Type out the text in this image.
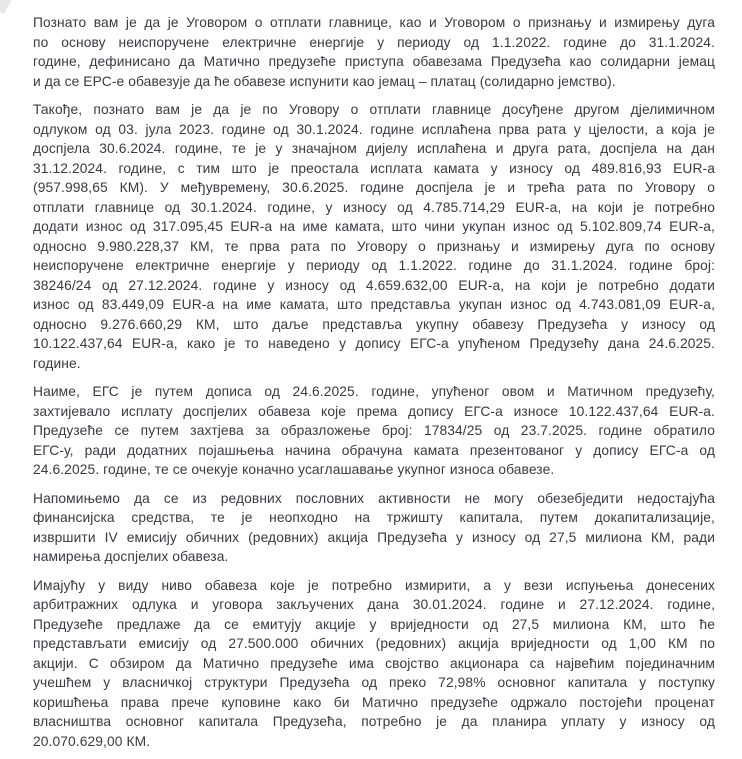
Познато вам је да је Уговором о отплати главнице, као и Уговором о признању и измирењу дуга
по основу неиспоручене електричне енергије у периоду од 1.1.2022. године до 31.1.2024.
године, дефинисано да Матично предузеће приступа обавезама Предузећа као солидарни јемац
и да се ЕРС-е обавезује да ће обавезе испунити као јемац – платац (солидарно јемство).
Такође, познато вам је да је по Уговору о отплати главнице досуђене другом дјелимичном
одлуком од 03. јула 2023. године од 30.1.2024. године исплаћена прва рата у цјелости, а која је
доспјела 30.6.2024. године, те је у значајном дијелу исплаћена и друга рата, доспјела на дан
31.12.2024. године, с тим што је преостала исплата камата у износу од 489.816,93 EUR-а
(957.998,65 КМ). У међувремену, 30.6.2025. године доспјела је и трећа рата по Уговору о
отплати главнице од 30.1.2024. године, у износу од 4.785.714,29 EUR-а, на који је потребно
додати износ од 317.095,45 EUR-а на име камата, што чини укупан износ од 5.102.809,74 EUR-а,
односно 9.980.228,37 КМ, те прва рата по Уговору о признању и измирењу дуга по основу
неиспоручене електричне енергије у периоду од 1.1.2022. године до 31.1.2024. године број:
38246/24 од 27.12.2024. године у износу од 4.659.632,00 EUR-а, на који је потребно додати
износ од 83.449,09 EUR-а на име камата, што представља укупан износ од 4.743.081,09 EUR-а,
односно 9.276.660,29 КМ, што даље представља укупну обавезу Предузећа у износу од
10.122.437,64 EUR-а, како је то наведено у допису ЕГС-а упућеном Предузећу дана 24.6.2025.
године.
Наиме, ЕГС је путем дописа од 24.6.2025. године, упућеног овом и Матичном предузећу,
захтијевало исплату доспјелих обавеза које према допису ЕГС-а износе 10.122.437,64 EUR-а.
Предузеће се путем захтјева за образложење број: 17834/25 од 23.7.2025. године обратило
ЕГС-у, ради додатних појашњења начина обрачуна камата презентованог у допису ЕГС-а од
24.6.2025. године, те се очекује коначно усаглашавање укупног износа обавезе.
Напомињемо да се из редовних пословних активности не могу обезебједити недостајућа
финансијска средства, те је неопходно на тржишту капитала, путем докапитализације,
извршити IV емисију обичних (редовних) акција Предузећа у износу од 27,5 милиона КМ, ради
намирења доспјелих обавеза.
Имајућу у виду ниво обавеза које је потребно измирити, а у вези испуњења донесених
арбитражних одлука и уговора закључених дана 30.01.2024. године и 27.12.2024. године,
Предузеће предлаже да се емитују акције у вриједности од 27,5 милиона КМ, што ће
представљати емисију од 27.500.000 обичних (редовних) акција вриједности од 1,00 КМ по
акцији. С обзиром да Матично предузеће има својство акционара са највећим појединачним
учешћем у власничкој структури Предузећа од преко 72,98% основног капитала у поступку
коришћења права прече куповине како би Матично предузеће одржало постојећи проценат
власништва основног капитала Предузећа, потребно је да планира уплату у износу од
20.070.629,00 КМ.
